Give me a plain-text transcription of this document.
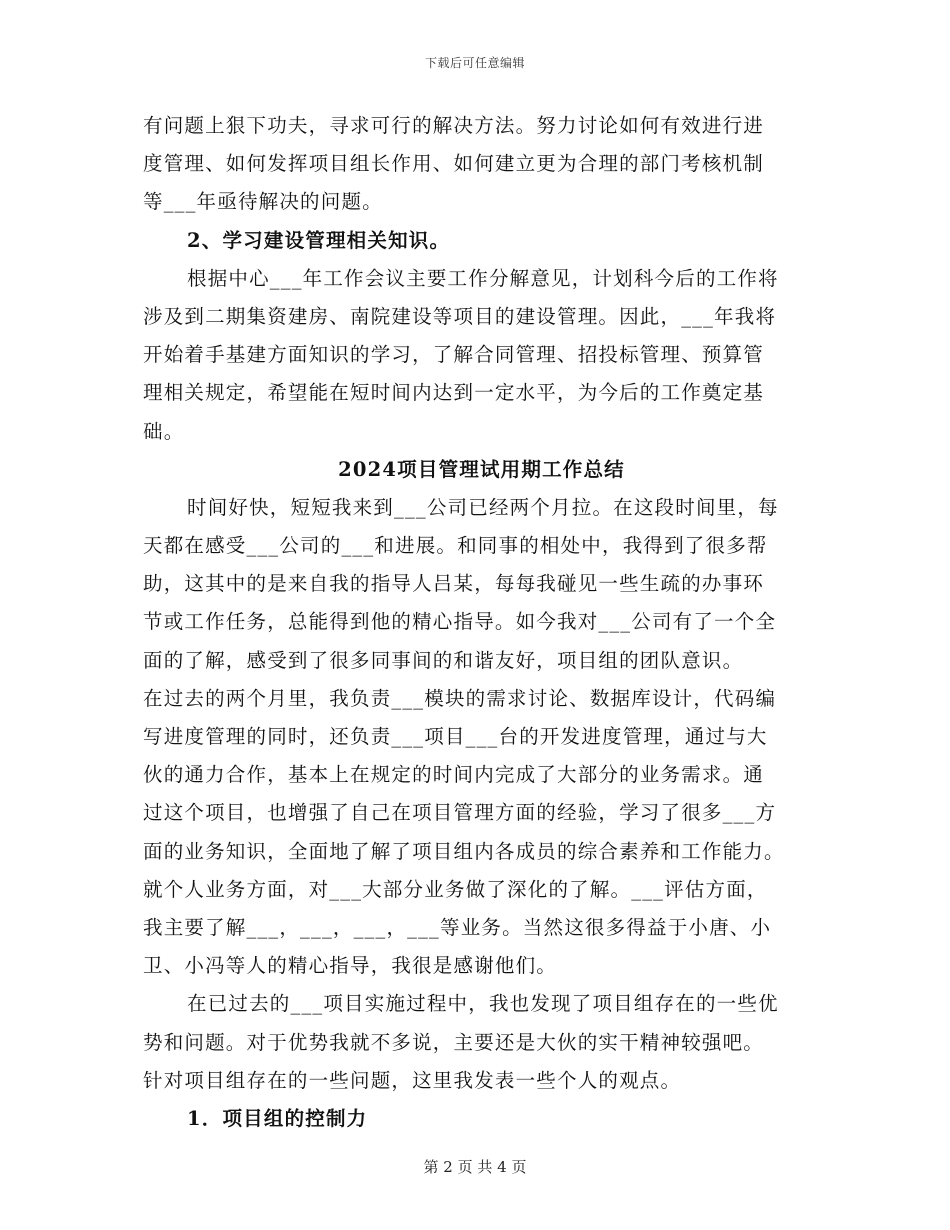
下载后可任意编辑
有问题上狠下功夫，寻求可行的解决方法。努力讨论如何有效进行进
度管理、如何发挥项目组长作用、如何建立更为合理的部门考核机制
等___年亟待解决的问题。
2、学习建设管理相关知识。
根据中心___年工作会议主要工作分解意见，计划科今后的工作将
涉及到二期集资建房、南院建设等项目的建设管理。因此，___年我将
开始着手基建方面知识的学习，了解合同管理、招投标管理、预算管
理相关规定，希望能在短时间内达到一定水平，为今后的工作奠定基
础。
2024项目管理试用期工作总结
时间好快，短短我来到___公司已经两个月拉。在这段时间里，每
天都在感受___公司的___和进展。和同事的相处中，我得到了很多帮
助，这其中的是来自我的指导人吕某，每每我碰见一些生疏的办事环
节或工作任务，总能得到他的精心指导。如今我对___公司有了一个全
面的了解，感受到了很多同事间的和谐友好，项目组的团队意识。
在过去的两个月里，我负责___模块的需求讨论、数据库设计，代码编
写进度管理的同时，还负责___项目___台的开发进度管理，通过与大
伙的通力合作，基本上在规定的时间内完成了大部分的业务需求。通
过这个项目，也增强了自己在项目管理方面的经验，学习了很多___方
面的业务知识，全面地了解了项目组内各成员的综合素养和工作能力。
就个人业务方面，对___大部分业务做了深化的了解。___评估方面，
我主要了解___，___，___，___等业务。当然这很多得益于小唐、小
卫、小冯等人的精心指导，我很是感谢他们。
在已过去的___项目实施过程中，我也发现了项目组存在的一些优
势和问题。对于优势我就不多说，主要还是大伙的实干精神较强吧。
针对项目组存在的一些问题，这里我发表一些个人的观点。
1．项目组的控制力
第 2 页 共 4 页
